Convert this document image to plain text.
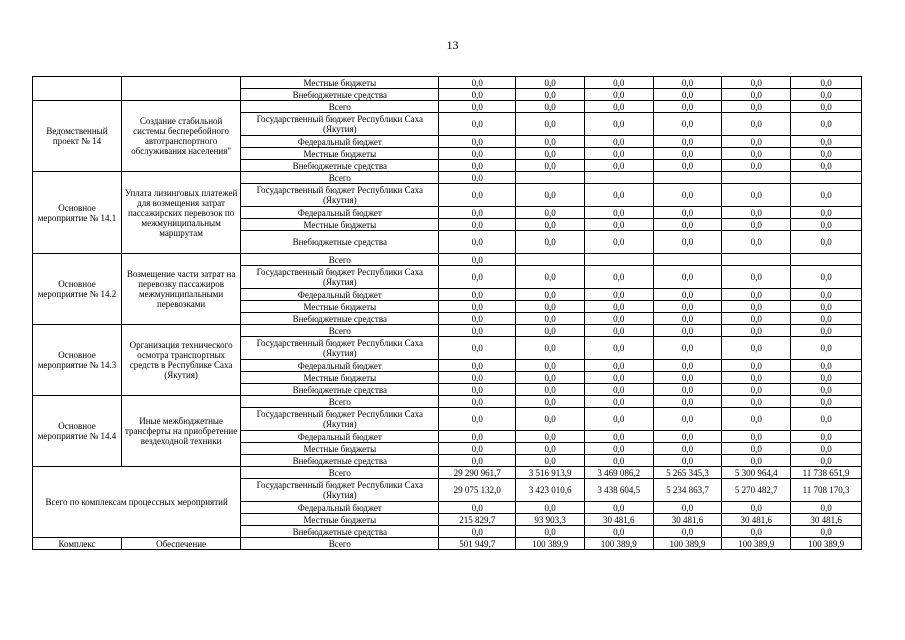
13
		Местные бюджеты	0,0	0,0	0,0	0,0	0,0	0,0
		Внебюджетные средства	0,0	0,0	0,0	0,0	0,0	0,0
Ведомственный проект № 14	Создание стабильной системы бесперебойного автотранспортного обслуживания населения"	Всего	0,0	0,0	0,0	0,0	0,0	0,0
		Государственный бюджет Республики Саха (Якутия)	0,0	0,0	0,0	0,0	0,0	0,0
		Федеральный бюджет	0,0	0,0	0,0	0,0	0,0	0,0
		Местные бюджеты	0,0	0,0	0,0	0,0	0,0	0,0
		Внебюджетные средства	0,0	0,0	0,0	0,0	0,0	0,0
Основное мероприятие № 14.1	Уплата лизинговых платежей для возмещения затрат пассажирских перевозок по межмуниципальным маршрутам	Всего	0,0					
		Государственный бюджет Республики Саха (Якутия)	0,0	0,0	0,0	0,0	0,0	0,0
		Федеральный бюджет	0,0	0,0	0,0	0,0	0,0	0,0
		Местные бюджеты	0,0	0,0	0,0	0,0	0,0	0,0
		Внебюджетные средства	0,0	0,0	0,0	0,0	0,0	0,0
Основное мероприятие № 14.2	Возмещение части затрат на перевозку пассажиров межмуниципальными перевозками	Всего	0,0					
		Государственный бюджет Республики Саха (Якутия)	0,0	0,0	0,0	0,0	0,0	0,0
		Федеральный бюджет	0,0	0,0	0,0	0,0	0,0	0,0
		Местные бюджеты	0,0	0,0	0,0	0,0	0,0	0,0
		Внебюджетные средства	0,0	0,0	0,0	0,0	0,0	0,0
Основное мероприятие № 14.3	Организация технического осмотра транспортных средств в Республике Саха (Якутия)	Всего	0,0	0,0	0,0	0,0	0,0	0,0
		Государственный бюджет Республики Саха (Якутия)	0,0	0,0	0,0	0,0	0,0	0,0
		Федеральный бюджет	0,0	0,0	0,0	0,0	0,0	0,0
		Местные бюджеты	0,0	0,0	0,0	0,0	0,0	0,0
		Внебюджетные средства	0,0	0,0	0,0	0,0	0,0	0,0
Основное мероприятие № 14.4	Иные межбюджетные трансферты на приобретение вездеходной техники	Всего	0,0	0,0	0,0	0,0	0,0	0,0
		Государственный бюджет Республики Саха (Якутия)	0,0	0,0	0,0	0,0	0,0	0,0
		Федеральный бюджет	0,0	0,0	0,0	0,0	0,0	0,0
		Местные бюджеты	0,0	0,0	0,0	0,0	0,0	0,0
		Внебюджетные средства	0,0	0,0	0,0	0,0	0,0	0,0
Всего по комплексам процессных мероприятий		Всего	29 290 961,7	3 516 913,9	3 469 086,2	5 265 345,3	5 300 964,4	11 738 651,9
		Государственный бюджет Республики Саха (Якутия)	29 075 132,0	3 423 010,6	3 438 604,5	5 234 863,7	5 270 482,7	11 708 170,3
		Федеральный бюджет	0,0	0,0	0,0	0,0	0,0	0,0
		Местные бюджеты	215 829,7	93 903,3	30 481,6	30 481,6	30 481,6	30 481,6
		Внебюджетные средства	0,0	0,0	0,0	0,0	0,0	0,0
Комплекс	Обеспечение	Всего	501 949,7	100 389,9	100 389,9	100 389,9	100 389,9	100 389,9
